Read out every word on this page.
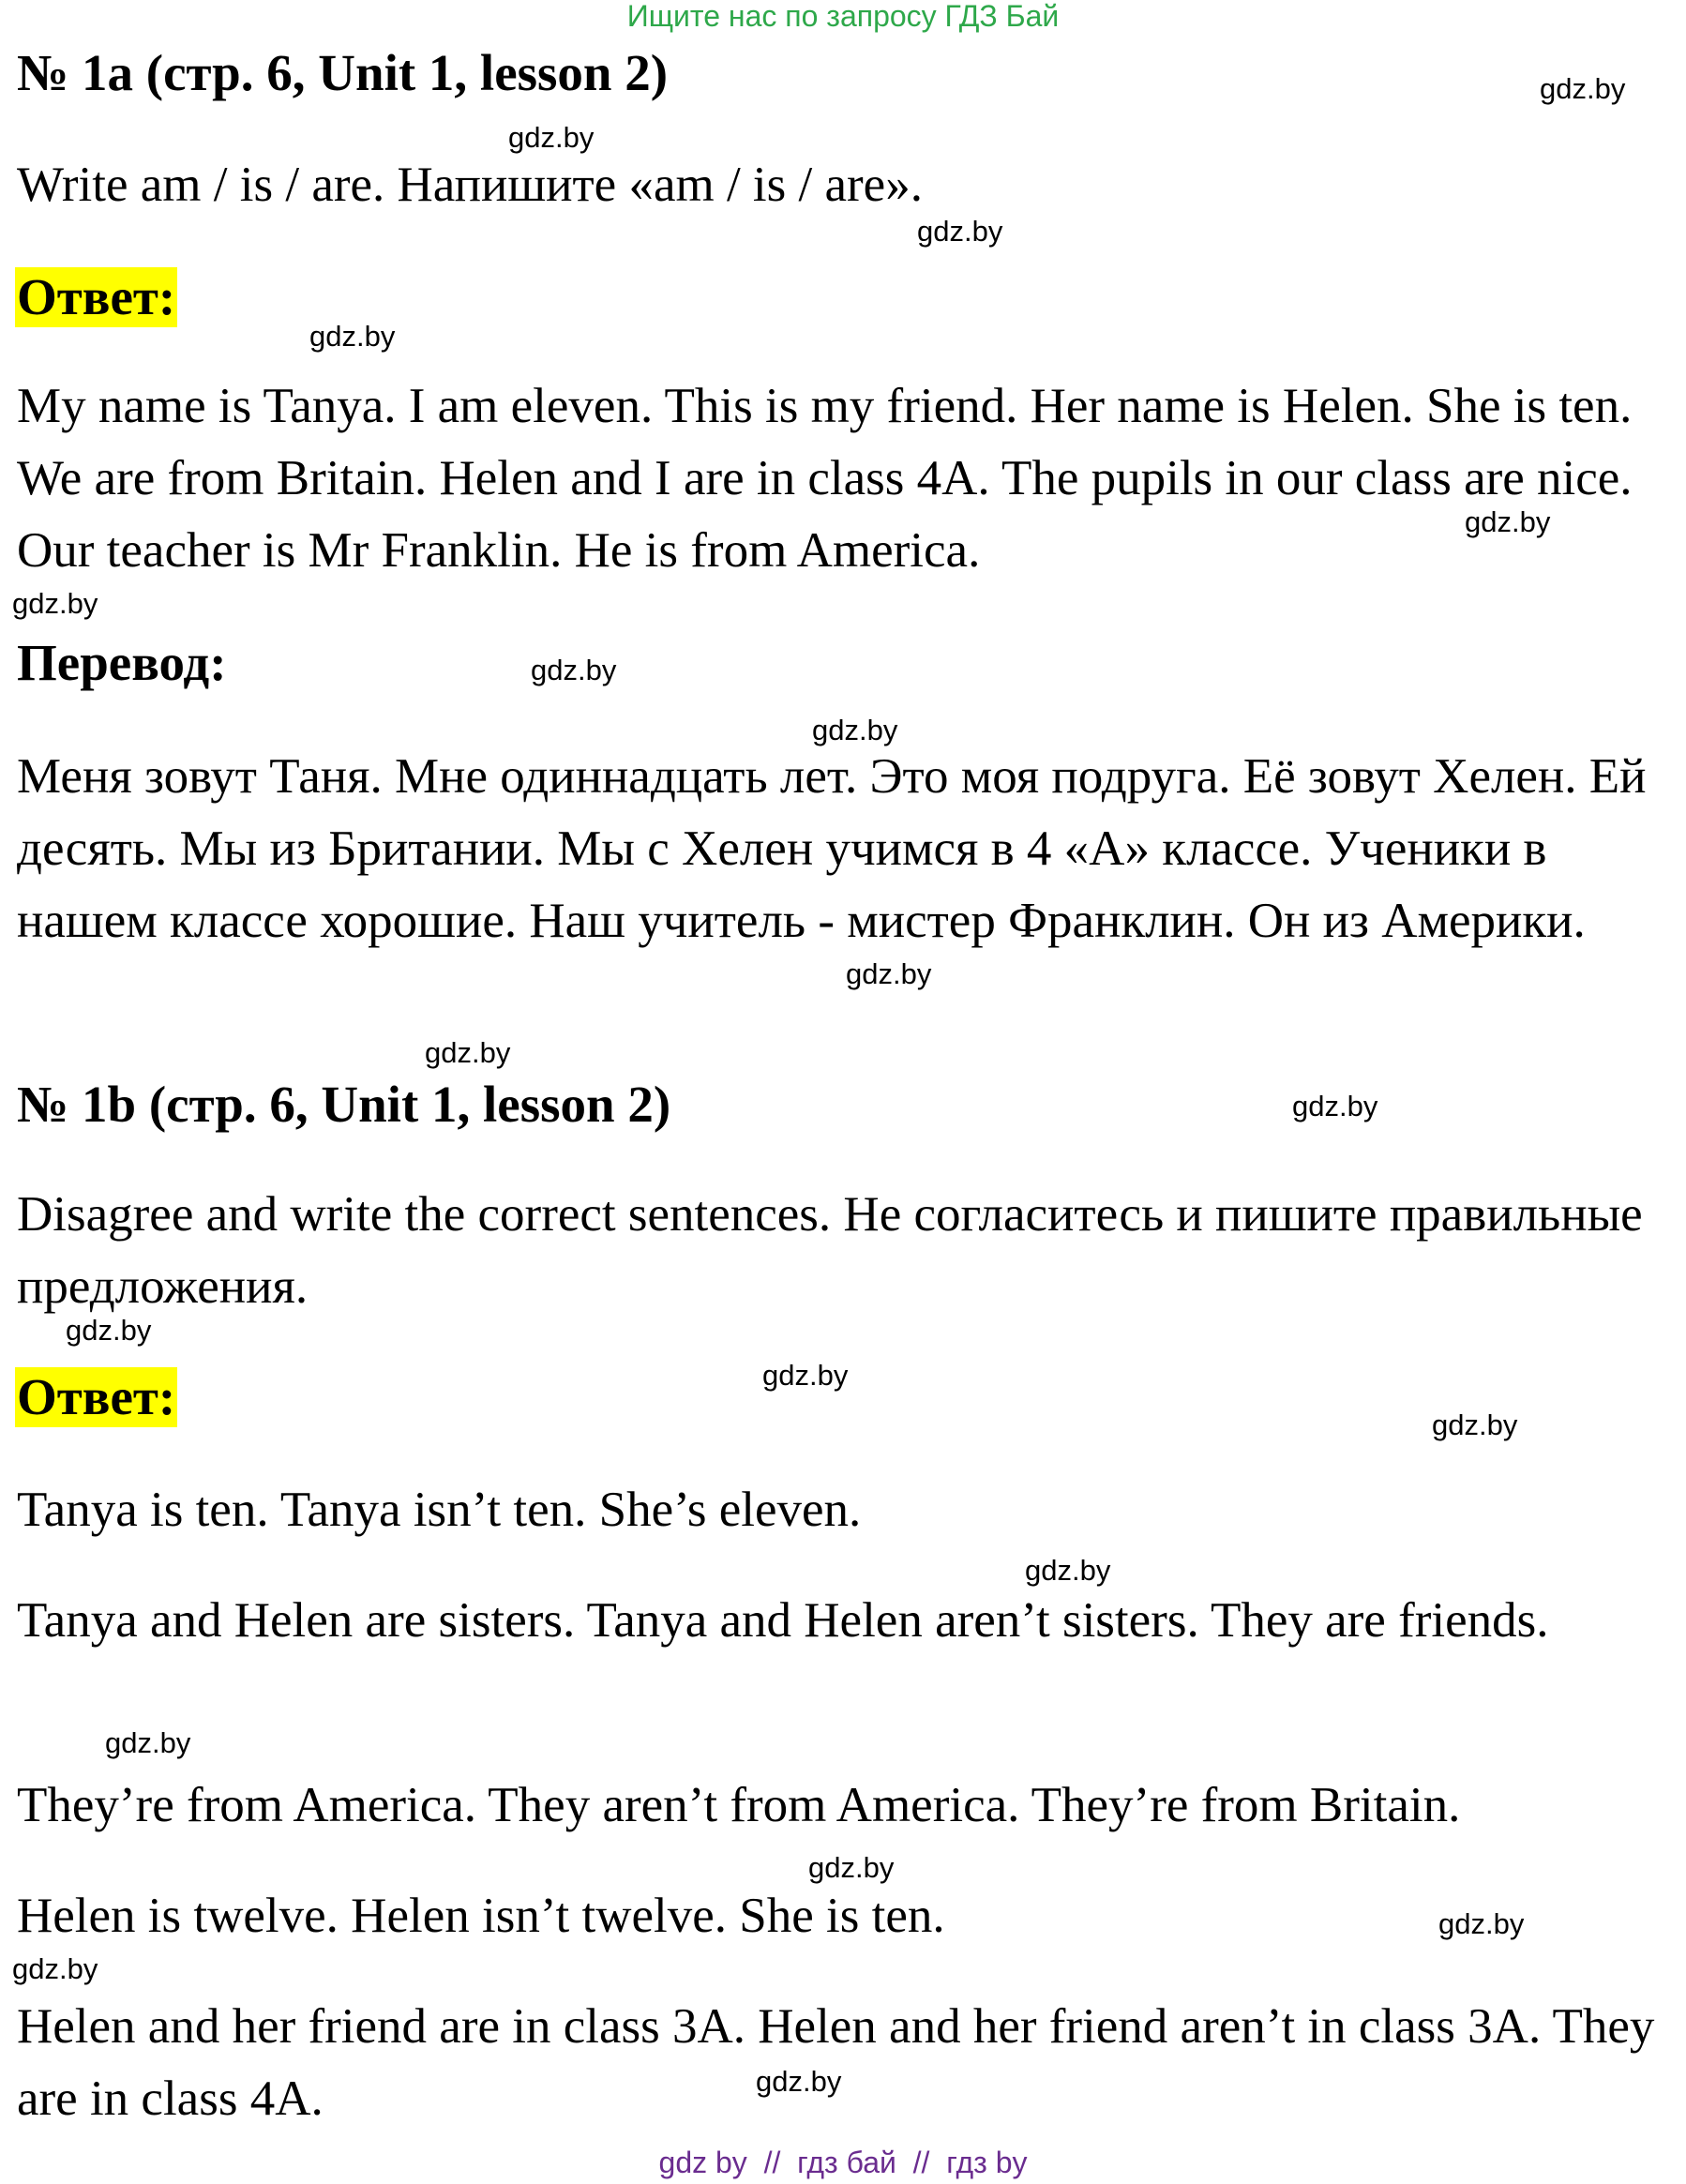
Ищите нас по запросу ГДЗ Бай
№ 1a (стр. 6, Unit 1, lesson 2)
Write am / is / are. Напишите «am / is / are».
Ответ:
My name is Tanya. I am eleven. This is my friend. Her name is Helen. She is ten. We are from Britain. Helen and I are in class 4A. The pupils in our class are nice. Our teacher is Mr Franklin. He is from America.
Перевод:
Меня зовут Таня. Мне одиннадцать лет. Это моя подруга. Её зовут Хелен. Ей десять. Мы из Британии. Мы с Хелен учимся в 4 «А» классе. Ученики в нашем классе хорошие. Наш учитель - мистер Франклин. Он из Америки.
№ 1b (стр. 6, Unit 1, lesson 2)
Disagree and write the correct sentences. Не согласитесь и пишите правильные предложения.
Ответ:
Tanya is ten. Tanya isn’t ten. She’s eleven.
Tanya and Helen are sisters. Tanya and Helen aren’t sisters. They are friends.
They’re from America. They aren’t from America. They’re from Britain.
Helen is twelve. Helen isn’t twelve. She is ten.
Helen and her friend are in class 3A. Helen and her friend aren’t in class 3A. They are in class 4A.
gdz.by
gdz.by
gdz.by
gdz.by
gdz.by
gdz.by
gdz.by
gdz.by
gdz.by
gdz.by
gdz.by
gdz.by
gdz.by
gdz.by
gdz.by
gdz.by
gdz.by
gdz.by
gdz.by
gdz.by
gdz by  //  гдз бай  //  гдз by
